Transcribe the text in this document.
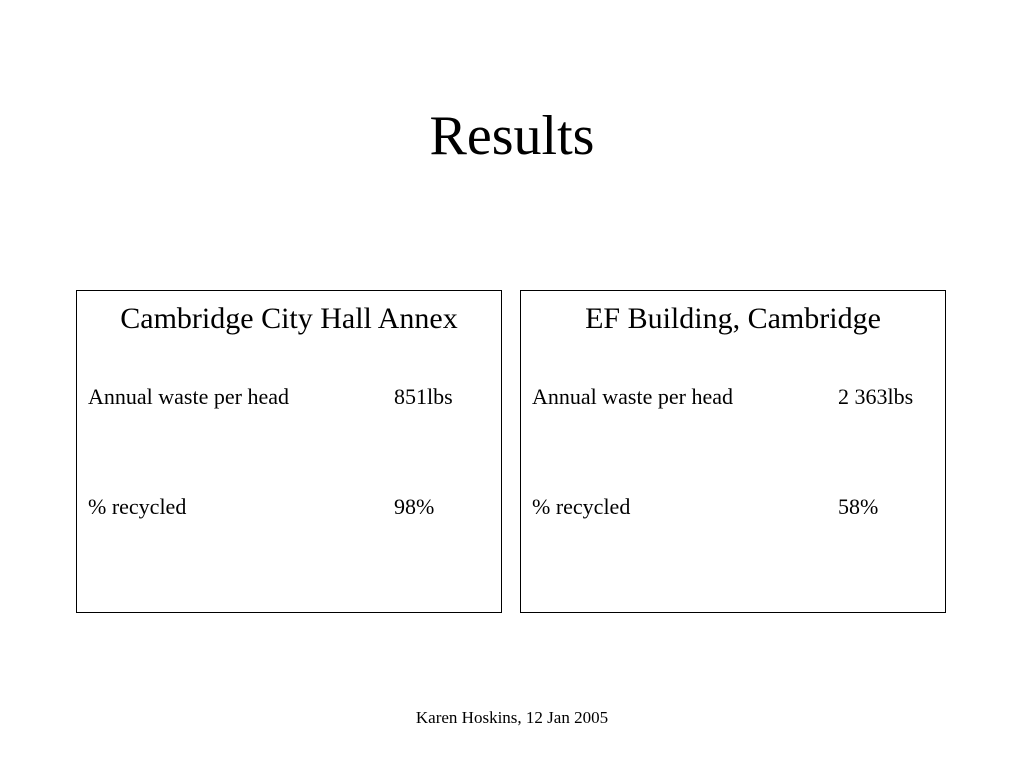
Results
Cambridge City Hall Annex
Annual waste per head	851lbs
% recycled	98%
EF Building, Cambridge
Annual waste per head	2 363lbs
% recycled	58%
Karen Hoskins, 12 Jan 2005
